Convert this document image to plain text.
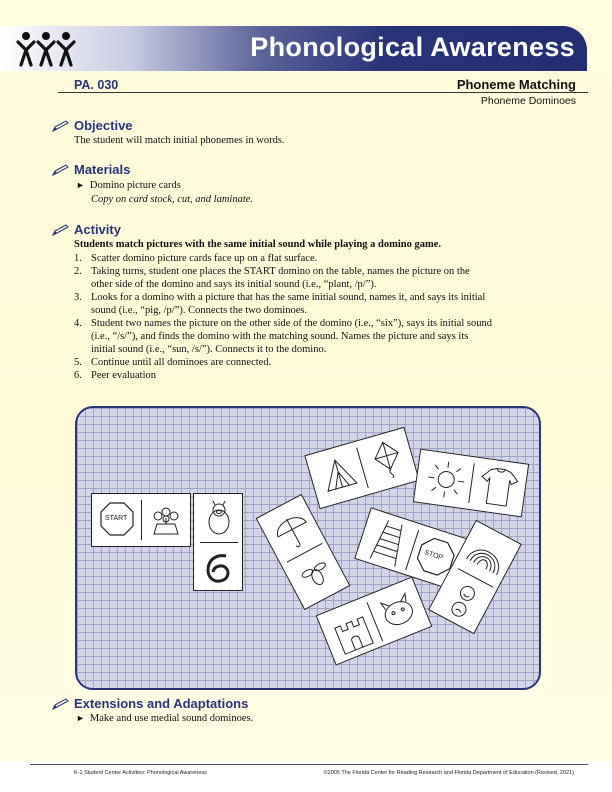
Phonological Awareness
PA. 030	Phoneme Matching
Phoneme Dominoes
Objective
The student will match initial phonemes in words.
Materials
► Domino picture cards
Copy on card stock, cut, and laminate.
Activity
Students match pictures with the same initial sound while playing a domino game.
1. Scatter domino picture cards face up on a flat surface.
2. Taking turns, student one places the START domino on the table, names the picture on the
other side of the domino and says its initial sound (i.e., “plant, /p/”).
3. Looks for a domino with a picture that has the same initial sound, names it, and says its initial
sound (i.e., “pig, /p/”). Connects the two dominoes.
4. Student two names the picture on the other side of the domino (i.e., “six”), says its initial sound
(i.e., “/s/”), and finds the domino with the matching sound. Names the picture and says its
initial sound (i.e., “sun, /s/”). Connects it to the domino.
5. Continue until all dominoes are connected.
6. Peer evaluation
START
STOP
Extensions and Adaptations
► Make and use medial sound dominoes.
K-1 Student Center Activities: Phonological Awareness	©2005 The Florida Center for Reading Research and Florida Department of Education (Revised, 2021)
